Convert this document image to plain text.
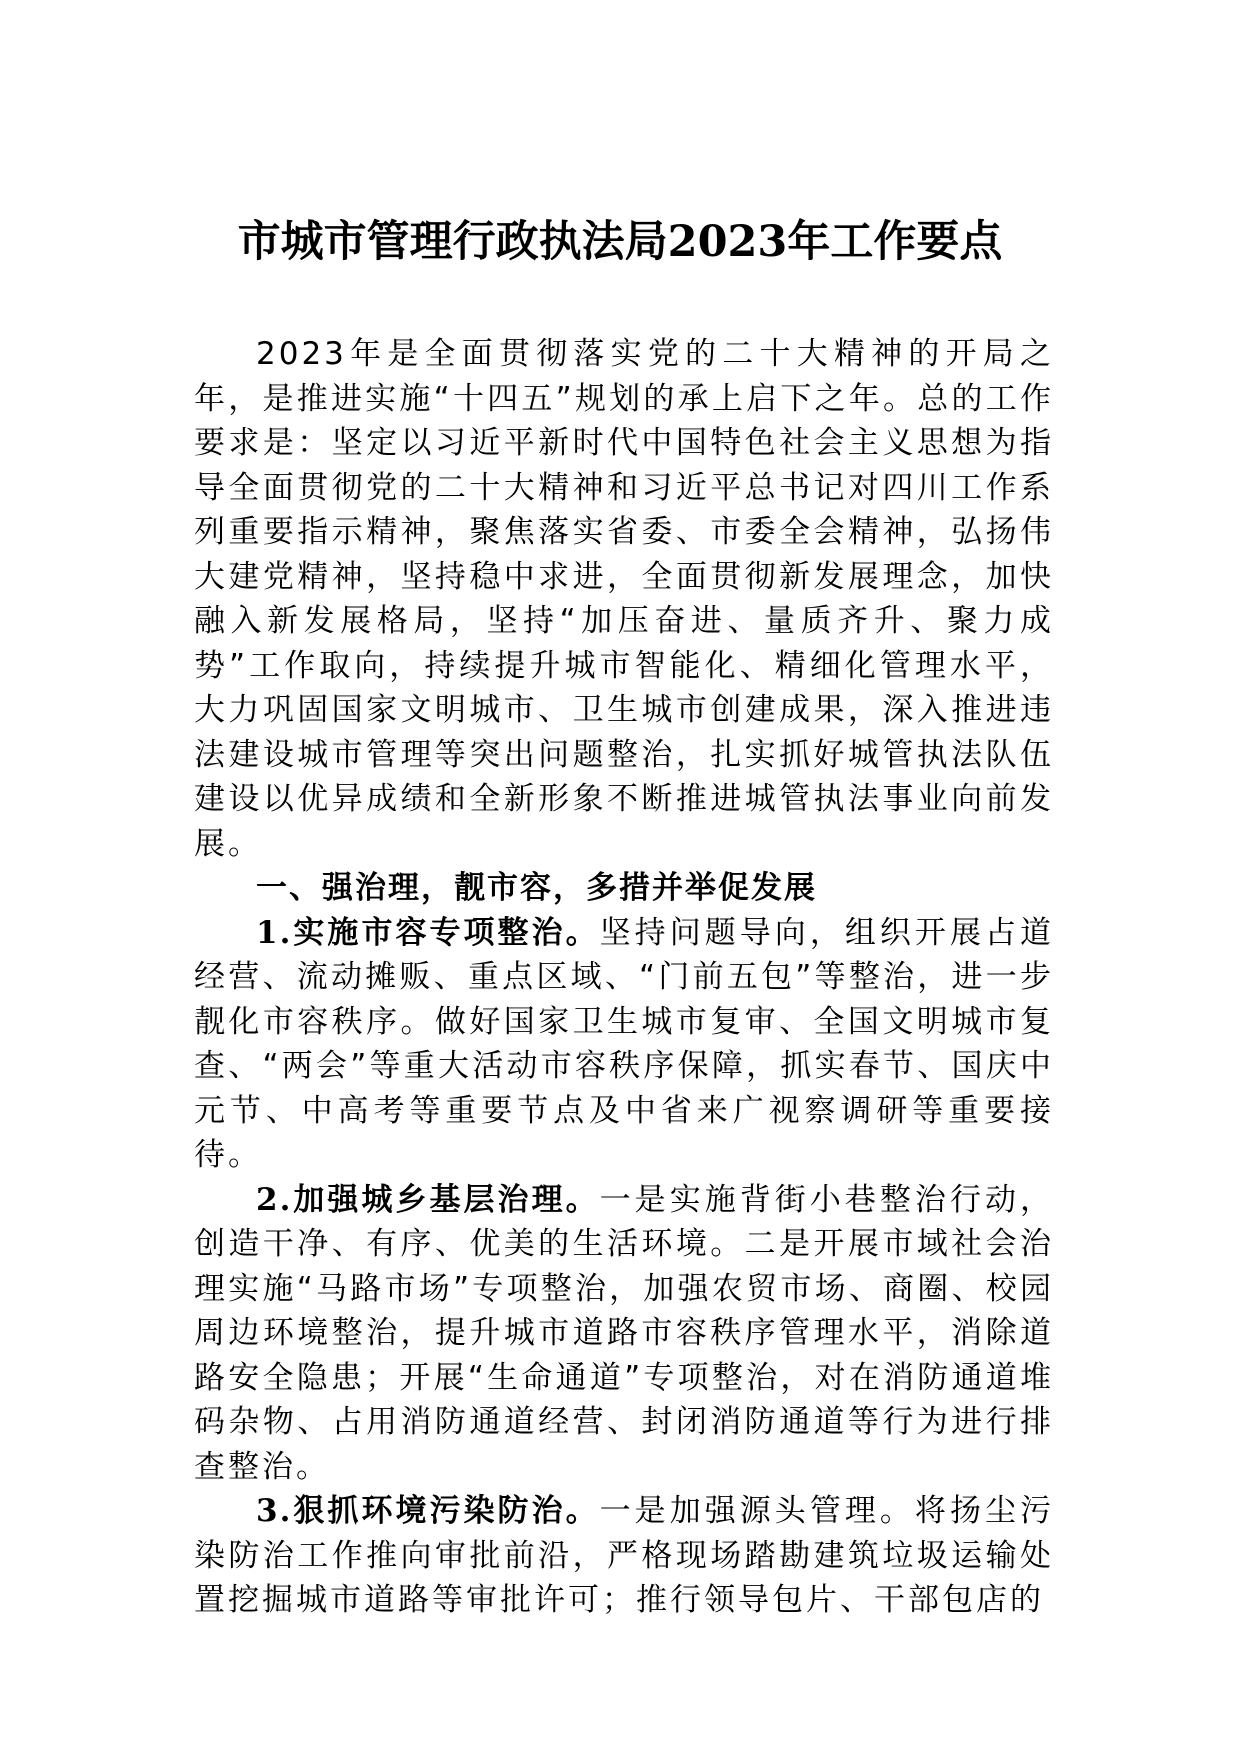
市城市管理行政执法局2023年工作要点

2023年是全面贯彻落实党的二十大精神的开局之年，是推进实施“十四五”规划的承上启下之年。总的工作要求是：坚定以习近平新时代中国特色社会主义思想为指导全面贯彻党的二十大精神和习近平总书记对四川工作系列重要指示精神，聚焦落实省委、市委全会精神，弘扬伟大建党精神，坚持稳中求进，全面贯彻新发展理念，加快融入新发展格局，坚持“加压奋进、量质齐升、聚力成势”工作取向，持续提升城市智能化、精细化管理水平，大力巩固国家文明城市、卫生城市创建成果，深入推进违法建设城市管理等突出问题整治，扎实抓好城管执法队伍建设以优异成绩和全新形象不断推进城管执法事业向前发展。

一、强治理，靓市容，多措并举促发展

1.实施市容专项整治。坚持问题导向，组织开展占道经营、流动摊贩、重点区域、“门前五包”等整治，进一步靓化市容秩序。做好国家卫生城市复审、全国文明城市复查、“两会”等重大活动市容秩序保障，抓实春节、国庆中元节、中高考等重要节点及中省来广视察调研等重要接待。

2.加强城乡基层治理。一是实施背街小巷整治行动，创造干净、有序、优美的生活环境。二是开展市域社会治理实施“马路市场”专项整治，加强农贸市场、商圈、校园周边环境整治，提升城市道路市容秩序管理水平，消除道路安全隐患；开展“生命通道”专项整治，对在消防通道堆码杂物、占用消防通道经营、封闭消防通道等行为进行排查整治。

3.狠抓环境污染防治。一是加强源头管理。将扬尘污染防治工作推向审批前沿，严格现场踏勘建筑垃圾运输处置挖掘城市道路等审批许可；推行领导包片、干部包店的
